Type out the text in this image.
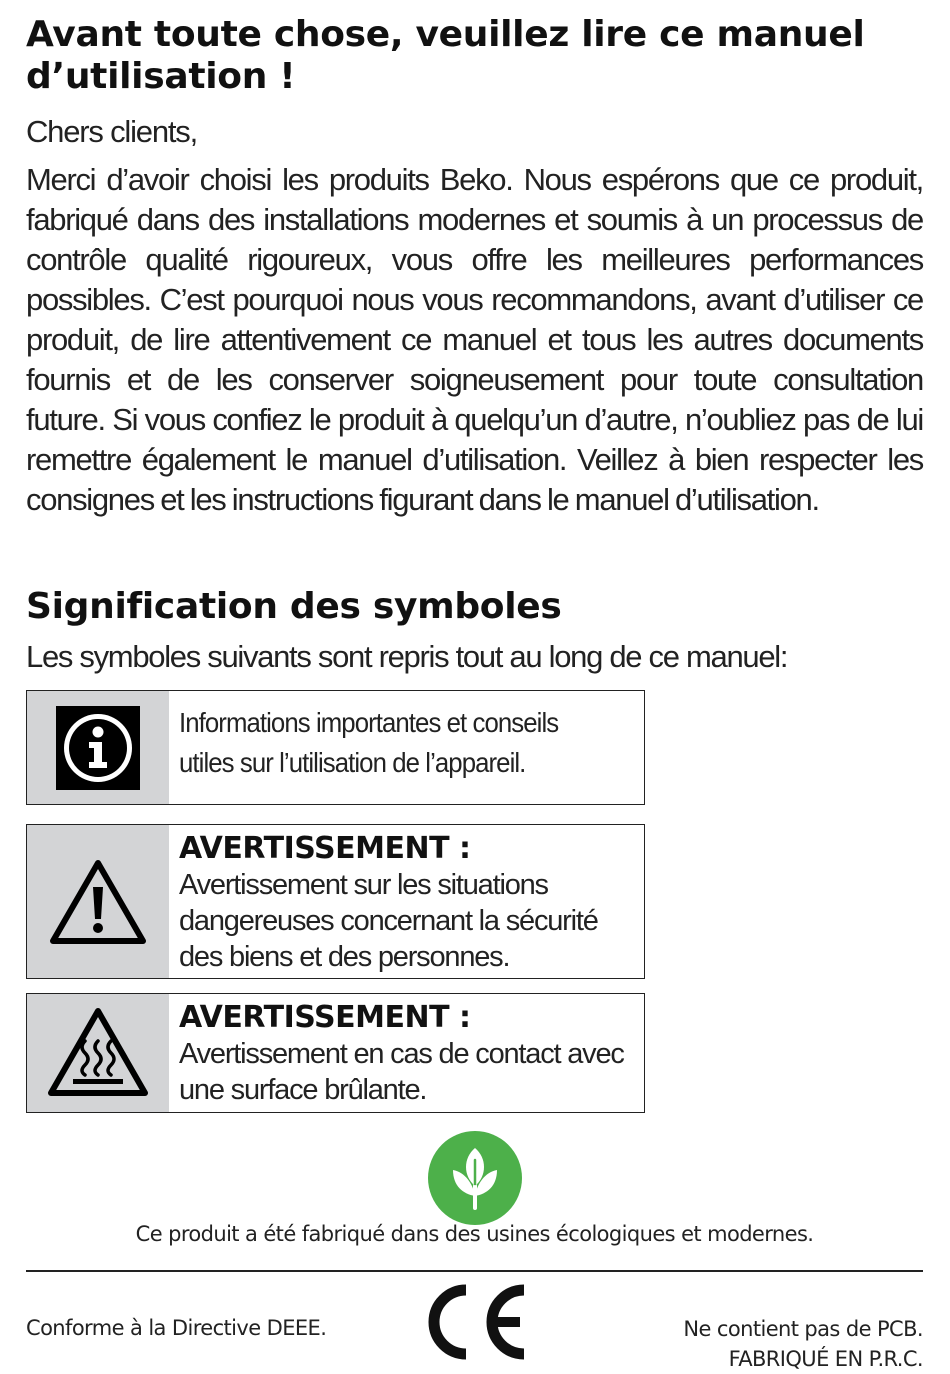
Avant toute chose, veuillez lire ce manuel
d’utilisation !

Chers clients,

Merci d’avoir choisi les produits Beko. Nous espérons que ce produit, fabriqué dans des installations modernes et soumis à un processus de contrôle qualité rigoureux, vous offre les meilleures performances possibles. C’est pourquoi nous vous recommandons, avant d’utiliser ce produit, de lire attentivement ce manuel et tous les autres documents fournis et de les conserver soigneusement pour toute consultation future. Si vous confiez le produit à quelqu’un d’autre, n’oubliez pas de lui remettre également le manuel d’utilisation. Veillez à bien respecter les consignes et les instructions figurant dans le manuel d’utilisation.

Signification des symboles

Les symboles suivants sont repris tout au long de ce manuel:

Informations importantes et conseils
utiles sur l’utilisation de l’appareil.
AVERTISSEMENT :
Avertissement sur les situations
dangereuses concernant la sécurité
des biens et des personnes.
AVERTISSEMENT :
Avertissement en cas de contact avec
une surface brûlante.
Ce produit a été fabriqué dans des usines écologiques et modernes.
Conforme à la Directive DEEE.	Ne contient pas de PCB.
FABRIQUÉ EN P.R.C.
